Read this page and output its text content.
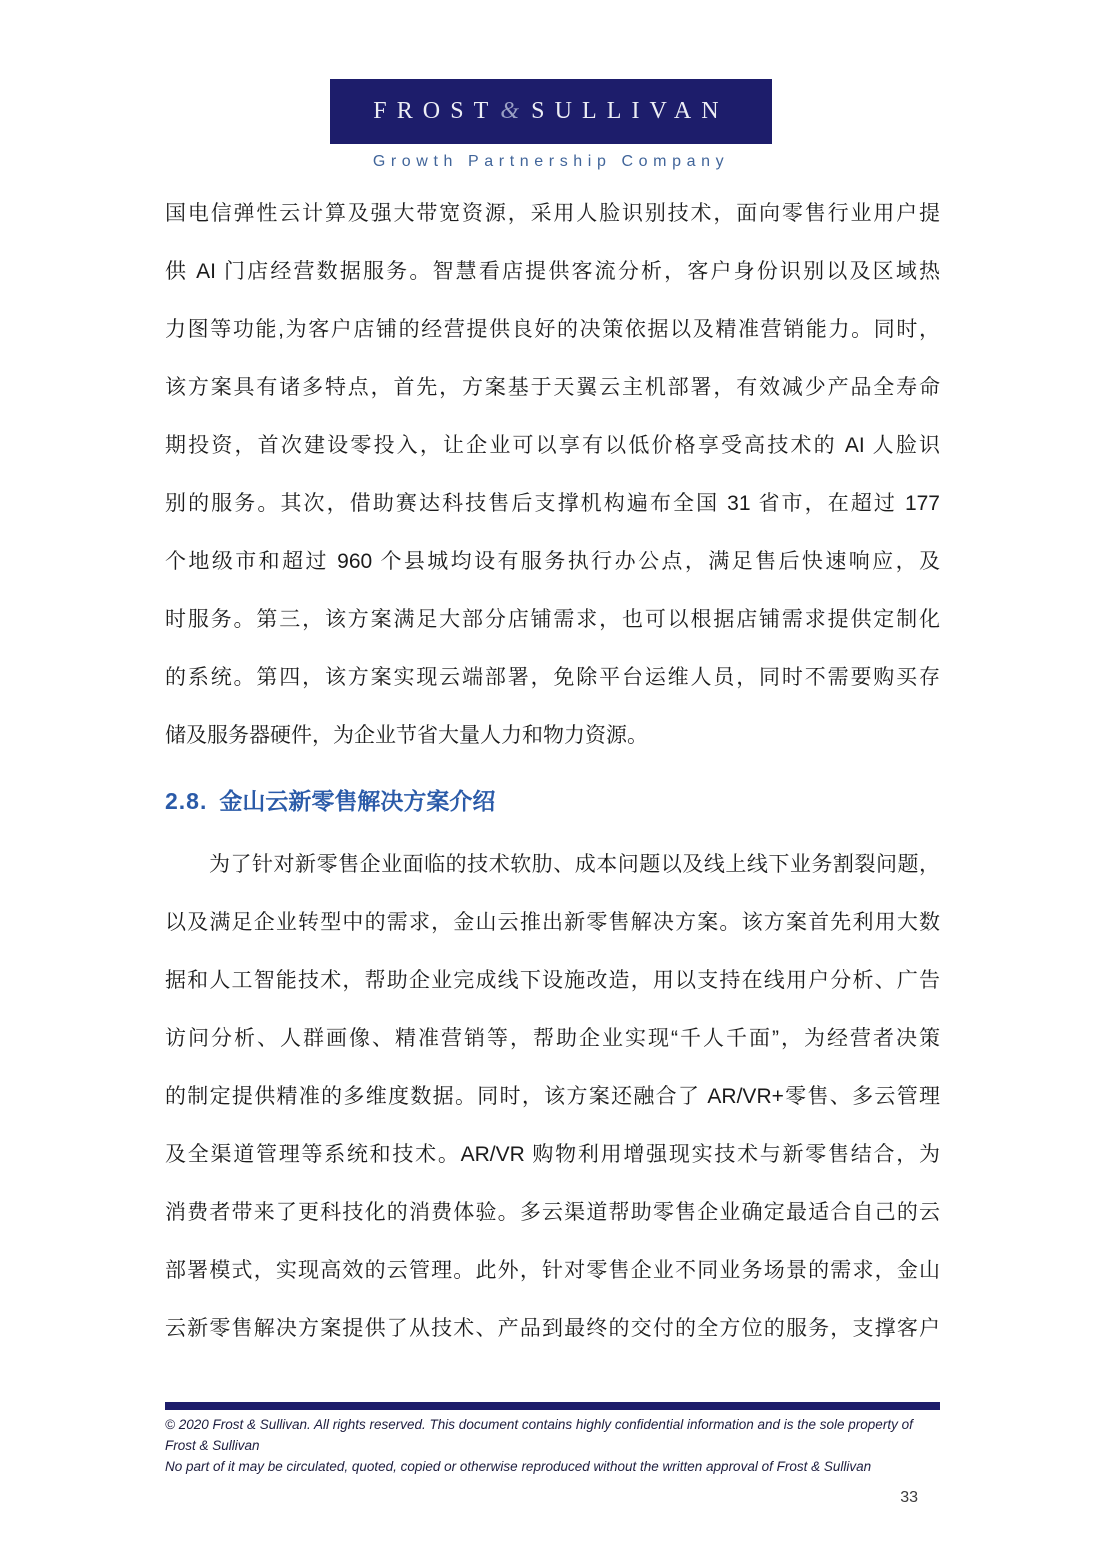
FROST&SULLIVAN
Growth Partnership Company
国电信弹性云计算及强大带宽资源，采用人脸识别技术，面向零售行业用户提
供 AI 门店经营数据服务。智慧看店提供客流分析，客户身份识别以及区域热
力图等功能,为客户店铺的经营提供良好的决策依据以及精准营销能力。同时，
该方案具有诸多特点，首先，方案基于天翼云主机部署，有效减少产品全寿命
期投资，首次建设零投入，让企业可以享有以低价格享受高技术的 AI 人脸识
别的服务。其次，借助赛达科技售后支撑机构遍布全国 31 省市，在超过 177
个地级市和超过 960 个县城均设有服务执行办公点，满足售后快速响应，及
时服务。第三，该方案满足大部分店铺需求，也可以根据店铺需求提供定制化
的系统。第四，该方案实现云端部署，免除平台运维人员，同时不需要购买存
储及服务器硬件，为企业节省大量人力和物力资源。
2.8. 金山云新零售解决方案介绍
为了针对新零售企业面临的技术软肋、成本问题以及线上线下业务割裂问题，
以及满足企业转型中的需求，金山云推出新零售解决方案。该方案首先利用大数
据和人工智能技术，帮助企业完成线下设施改造，用以支持在线用户分析、广告
访问分析、人群画像、精准营销等，帮助企业实现“千人千面”，为经营者决策
的制定提供精准的多维度数据。同时，该方案还融合了 AR/VR+零售、多云管理
及全渠道管理等系统和技术。AR/VR 购物利用增强现实技术与新零售结合，为
消费者带来了更科技化的消费体验。多云渠道帮助零售企业确定最适合自己的云
部署模式，实现高效的云管理。此外，针对零售企业不同业务场景的需求，金山
云新零售解决方案提供了从技术、产品到最终的交付的全方位的服务，支撑客户
© 2020 Frost & Sullivan. All rights reserved. This document contains highly confidential information and is the sole property of Frost & Sullivan
No part of it may be circulated, quoted, copied or otherwise reproduced without the written approval of Frost & Sullivan
33
